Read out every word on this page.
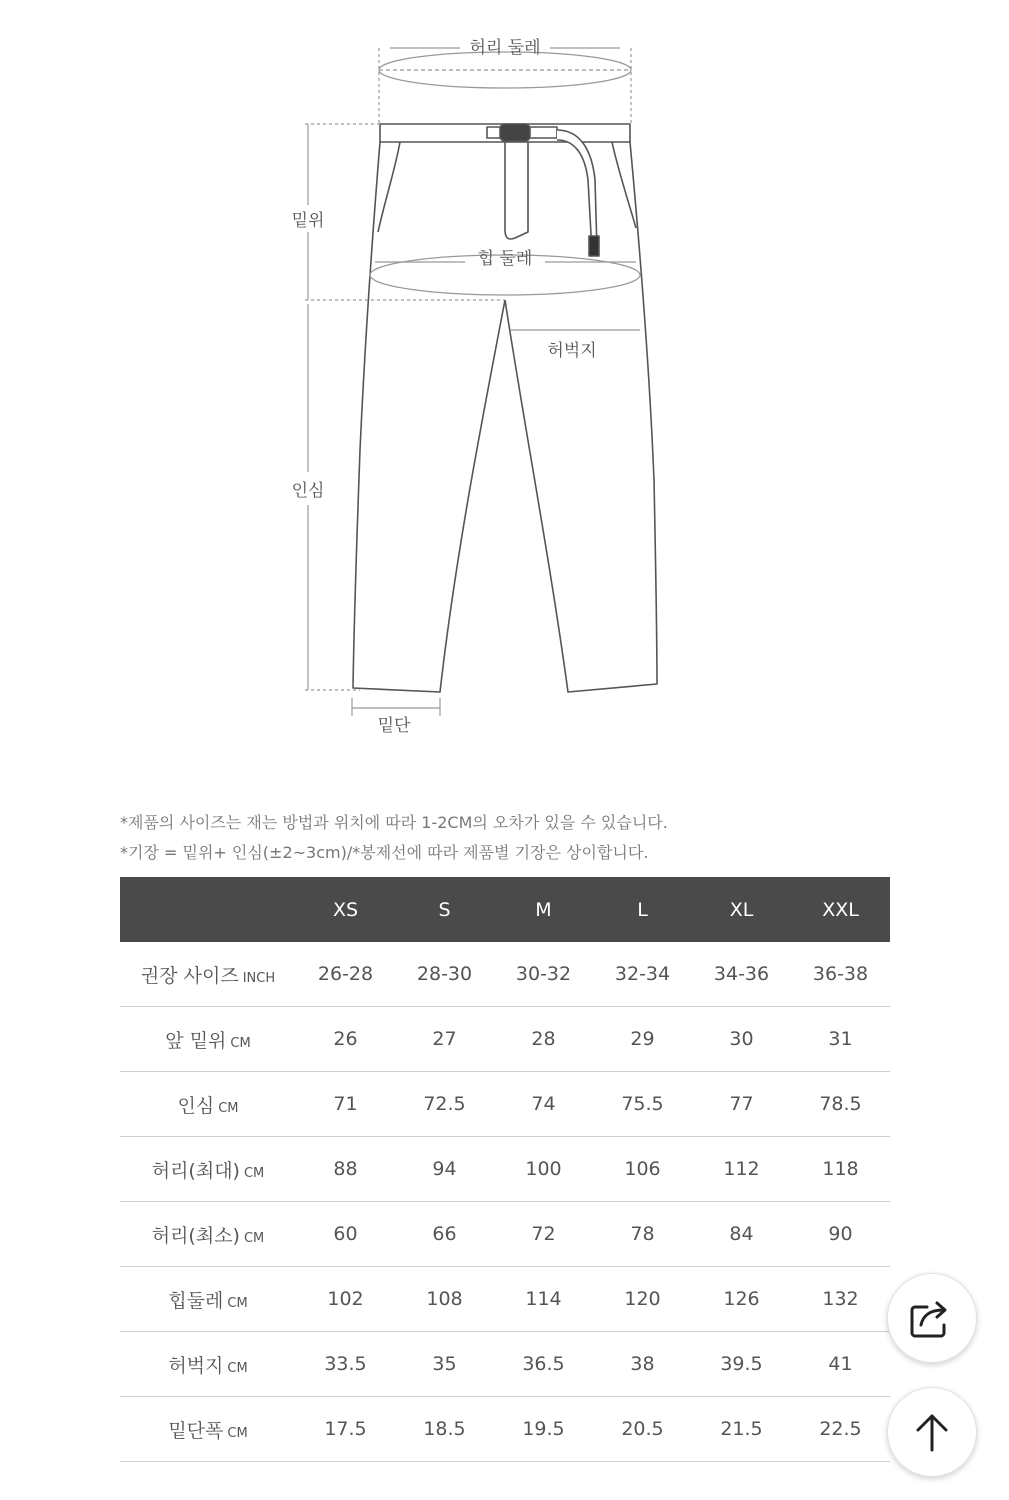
허리 둘레
힙 둘레
밑위
인심
허벅지
밑단
*제품의 사이즈는 재는 방법과 위치에 따라 1-2CM의 오차가 있을 수 있습니다.
*기장 = 밑위+ 인심(±2~3cm)/*봉제선에 따라 제품별 기장은 상이합니다.
	XS	S	M	L	XL	XXL
권장 사이즈 INCH	26-28	28-30	30-32	32-34	34-36	36-38
앞 밑위 CM	26	27	28	29	30	31
인심 CM	71	72.5	74	75.5	77	78.5
허리(최대) CM	88	94	100	106	112	118
허리(최소) CM	60	66	72	78	84	90
힙둘레 CM	102	108	114	120	126	132
허벅지 CM	33.5	35	36.5	38	39.5	41
밑단폭 CM	17.5	18.5	19.5	20.5	21.5	22.5
